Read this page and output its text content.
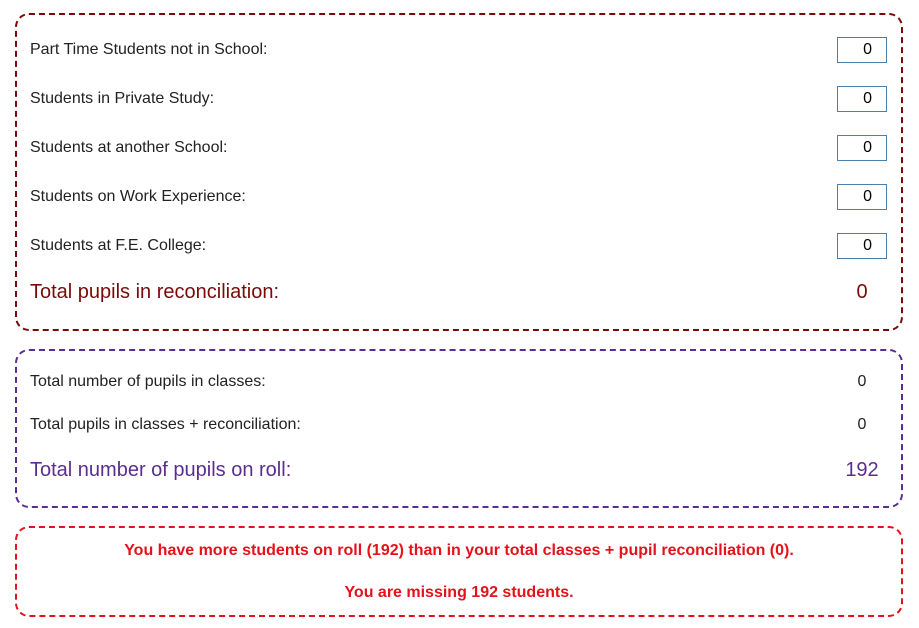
Part Time Students not in School:
0
Students in Private Study:
0
Students at another School:
0
Students on Work Experience:
0
Students at F.E. College:
0
Total pupils in reconciliation:	0
Total number of pupils in classes:	0
Total pupils in classes + reconciliation:	0
Total number of pupils on roll:	192
You have more students on roll (192) than in your total classes + pupil reconciliation (0).
You are missing 192 students.
